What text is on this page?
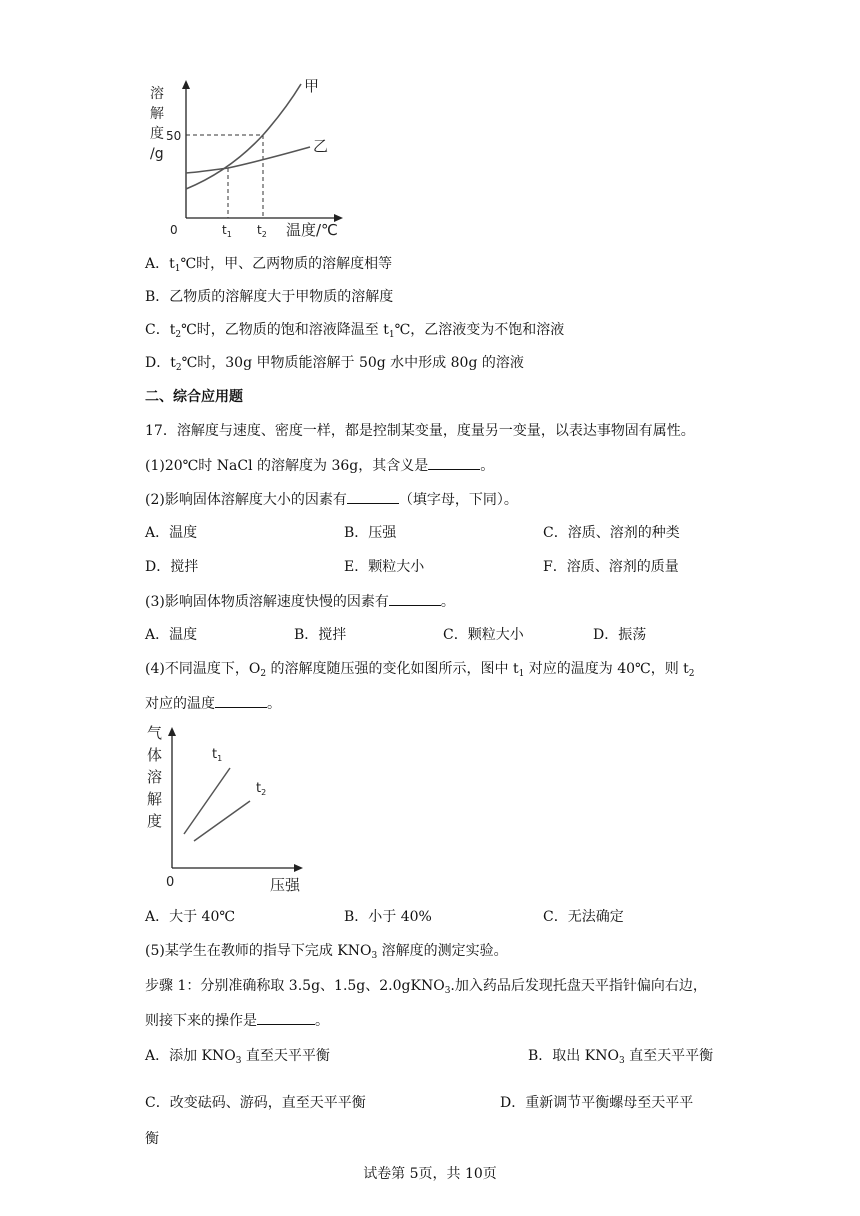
溶
解
度
/g
50
0	$t_1$ $t_2$ 温度/℃
甲
乙
A．$t_1℃$时，甲、乙两物质的溶解度相等
B．乙物质的溶解度大于甲物质的溶解度
C．$t_2℃$时，乙物质的饱和溶液降温至 $t_1℃$，乙溶液变为不饱和溶液
D．$t_2℃$时，30g 甲物质能溶解于 50g 水中形成 80g 的溶液
二、综合应用题
17．溶解度与速度、密度一样，都是控制某变量，度量另一变量，以表达事物固有属性。
(1)20℃时 NaCl 的溶解度为 36g，其含义是	。
(2)影响固体溶解度大小的因素有	（填字母，下同）。
A．温度	B．压强	C．溶质、溶剂的种类
D．搅拌	E．颗粒大小	F．溶质、溶剂的质量
(3)影响固体物质溶解速度快慢的因素有	。
A．温度	B．搅拌	C．颗粒大小	D．振荡
(4)不同温度下，$O_2$ 的溶解度随压强的变化如图所示，图中 $t_1$ 对应的温度为 40℃，则 $t_2$
对应的温度	。
气
体
溶
解
度
$t_1$
$t_2$
0	压强
A．大于 40℃	B．小于 40%	C．无法确定
(5)某学生在教师的指导下完成 $KNO_3$ 溶解度的测定实验。
步骤 1：分别准确称取 3.5g、1.5g、2.0gKNO$_3$.加入药品后发现托盘天平指针偏向右边，
则接下来的操作是	。
A．添加 $KNO_3$ 直至天平平衡	B．取出 $KNO_3$ 直至天平平衡
C．改变砝码、游码，直至天平平衡	D．重新调节平衡螺母至天平平
衡
试卷第 5页，共 10页
